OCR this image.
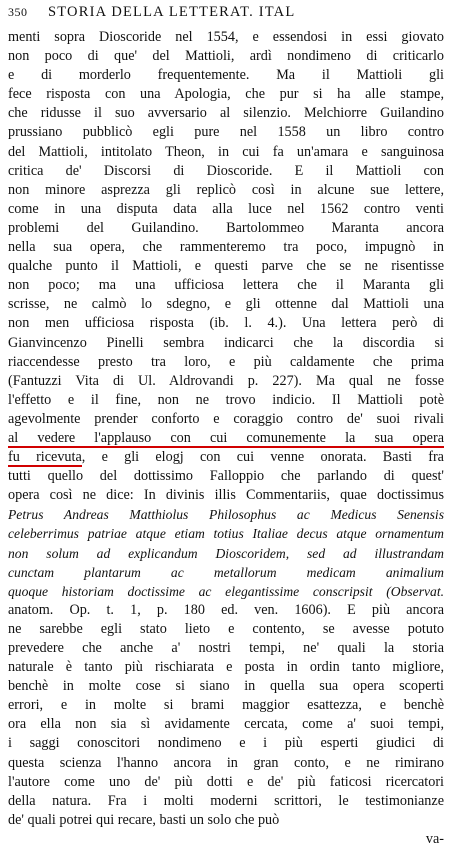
350	STORIA DELLA LETTERAT. ITAL
menti sopra Dioscoride nel 1554, e essendosi in essi giovato
non poco di que' del Mattioli, ardì nondimeno di criticarlo
e di morderlo frequentemente. Ma il Mattioli gli
fece risposta con una Apologia, che pur si ha alle stampe,
che ridusse il suo avversario al silenzio. Melchiorre Guilandino
prussiano pubblicò egli pure nel 1558 un libro contro
del Mattioli, intitolato Theon, in cui fa un'amara e sanguinosa
critica de' Discorsi di Dioscoride. E il Mattioli con
non minore asprezza gli replicò così in alcune sue lettere,
come in una disputa data alla luce nel 1562 contro venti
problemi del Guilandino. Bartolommeo Maranta ancora
nella sua opera, che rammenteremo tra poco, impugnò in
qualche punto il Mattioli, e questi parve che se ne risentisse
non poco; ma una ufficiosa lettera che il Maranta gli
scrisse, ne calmò lo sdegno, e gli ottenne dal Mattioli una
non men ufficiosa risposta (ib. l. 4.). Una lettera però di
Gianvincenzo Pinelli sembra indicarci che la discordia si
riaccendesse presto tra loro, e più caldamente che prima
(Fantuzzi Vita di Ul. Aldrovandi p. 227). Ma qual ne fosse
l'effetto e il fine, non ne trovo indicio. Il Mattioli potè
agevolmente prender conforto e coraggio contro de' suoi rivali
al vedere l'applauso con cui comunemente la sua opera
fu ricevuta, e gli elogj con cui venne onorata. Basti fra
tutti quello del dottissimo Falloppio che parlando di quest'
opera così ne dice: In divinis illis Commentariis, quae doctissimus
Petrus Andreas Matthiolus Philosophus ac Medicus Senensis
celeberrimus patriae atque etiam totius Italiae decus atque ornamentum
non solum ad explicandum Dioscoridem, sed ad illustrandam
cunctam plantarum ac metallorum medicam animalium
quoque historiam doctissime ac elegantissime conscripsit (Observat.
anatom. Op. t. 1, p. 180 ed. ven. 1606). E più ancora
ne sarebbe egli stato lieto e contento, se avesse potuto
prevedere che anche a' nostri tempi, ne' quali la storia
naturale è tanto più rischiarata e posta in ordin tanto migliore,
benchè in molte cose si siano in quella sua opera scoperti
errori, e in molte si brami maggior esattezza, e benchè
ora ella non sia sì avidamente cercata, come a' suoi tempi,
i saggi conoscitori nondimeno e i più esperti giudici di
questa scienza l'hanno ancora in gran conto, e ne rimirano
l'autore come uno de' più dotti e de' più faticosi ricercatori
della natura. Fra i molti moderni scrittori, le testimonianze
de' quali potrei qui recare, basti un solo che può
va-
